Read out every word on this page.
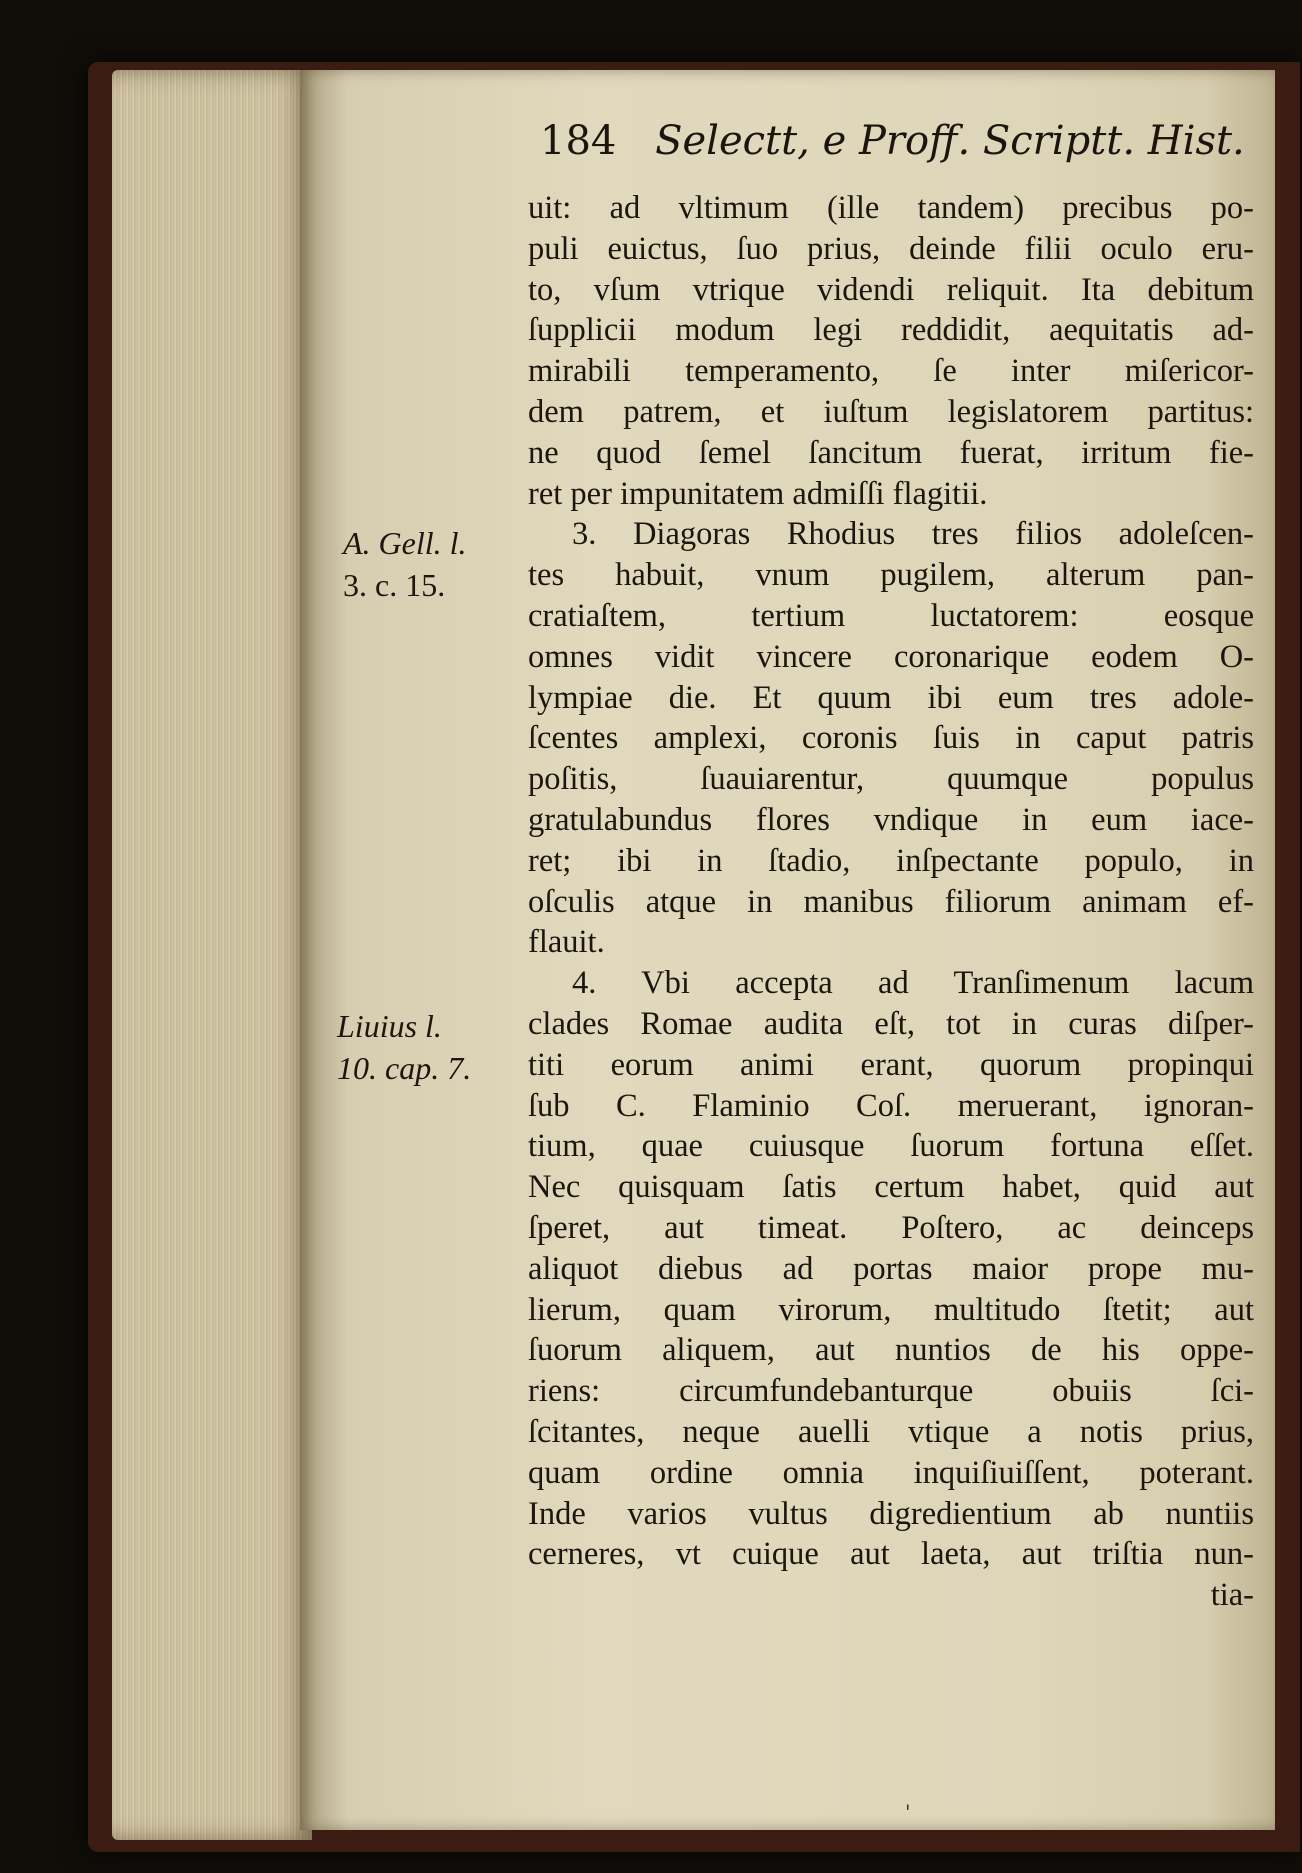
184 Selectt, e Proff. Scriptt. Hist.
A. Gell. l.
3. c. 15.
Liuius l.
10. cap. 7.
uit: ad vltimum (ille tandem) precibus po-
puli euictus, ſuo prius, deinde filii oculo eru-
to, vſum vtrique videndi reliquit. Ita debitum
ſupplicii modum legi reddidit, aequitatis ad-
mirabili temperamento, ſe inter miſericor-
dem patrem, et iuſtum legislatorem partitus:
ne quod ſemel ſancitum fuerat, irritum fie-
ret per impunitatem admiſſi flagitii.
3. Diagoras Rhodius tres filios adoleſcen-
tes habuit, vnum pugilem, alterum pan-
cratiaſtem, tertium luctatorem: eosque
omnes vidit vincere coronarique eodem O-
lympiae die. Et quum ibi eum tres adole-
ſcentes amplexi, coronis ſuis in caput patris
poſitis, ſuauiarentur, quumque populus
gratulabundus flores vndique in eum iace-
ret; ibi in ſtadio, inſpectante populo, in
oſculis atque in manibus filiorum animam ef-
flauit.
4. Vbi accepta ad Tranſimenum lacum
clades Romae audita eſt, tot in curas diſper-
titi eorum animi erant, quorum propinqui
ſub C. Flaminio Coſ. meruerant, ignoran-
tium, quae cuiusque ſuorum fortuna eſſet.
Nec quisquam ſatis certum habet, quid aut
ſperet, aut timeat. Poſtero, ac deinceps
aliquot diebus ad portas maior prope mu-
lierum, quam virorum, multitudo ſtetit; aut
ſuorum aliquem, aut nuntios de his oppe-
riens: circumfundebanturque obuiis ſci-
ſcitantes, neque auelli vtique a notis prius,
quam ordine omnia inquiſiuiſſent, poterant.
Inde varios vultus digredientium ab nuntiis
cerneres, vt cuique aut laeta, aut triſtia nun-
tia-
'
